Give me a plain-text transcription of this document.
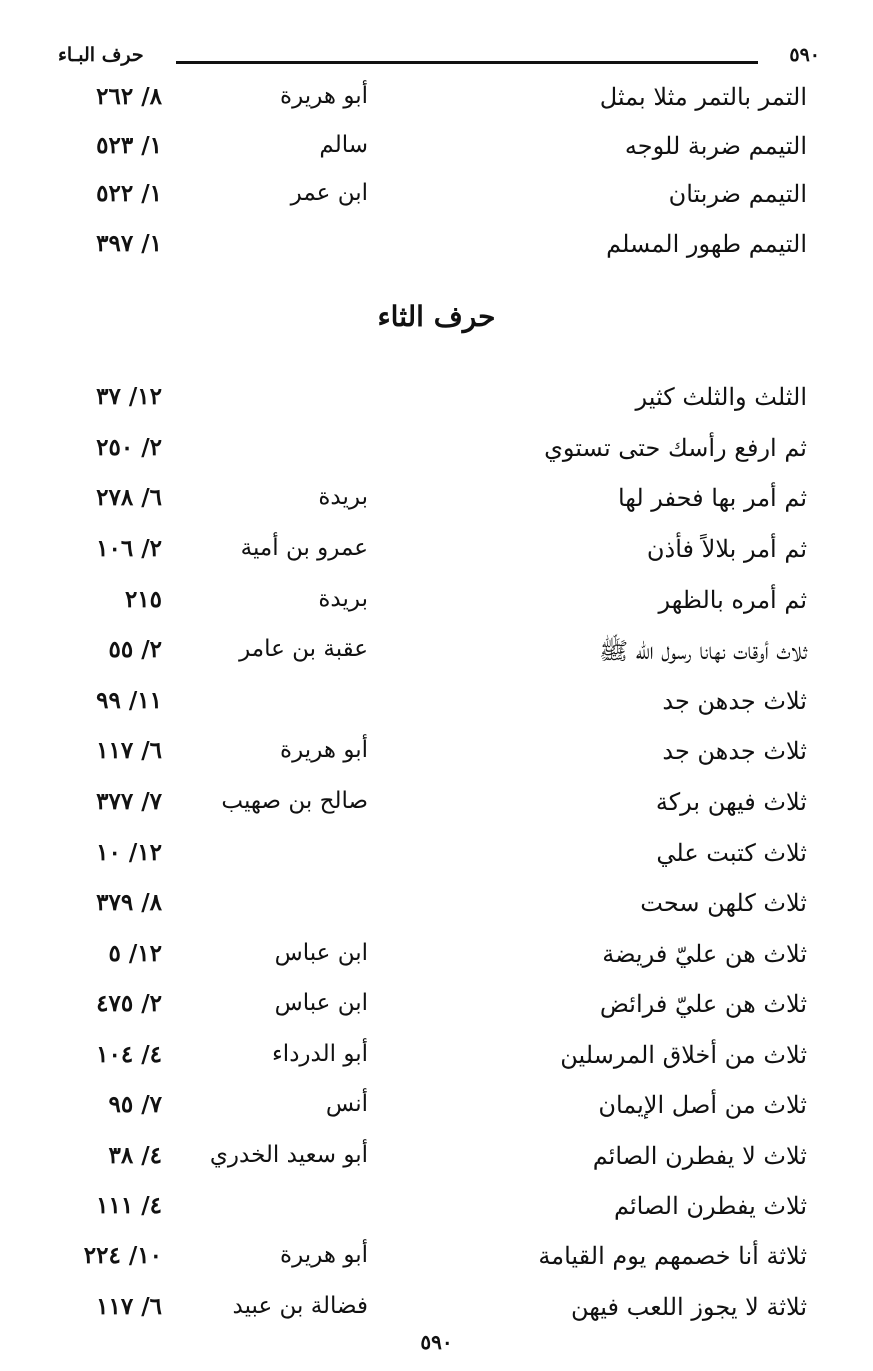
حرف البـاء	٥٩٠
التمر بالتمر مثلا بمثل
أبو هريرة
٨/ ٢٦٢
التيمم ضربة للوجه
سالم
١/ ٥٢٣
التيمم ضربتان
ابن عمر
١/ ٥٢٢
التيمم طهور المسلم
١/ ٣٩٧
حرف الثاء
الثلث والثلث كثير
١٢/ ٣٧
ثم ارفع رأسك حتى تستوي
٢/ ٢٥٠
ثم أمر بها فحفر لها
بريدة
٦/ ٢٧٨
ثم أمر بلالاً فأذن
عمرو بن أمية
٢/ ١٠٦
ثم أمره بالظهر
بريدة
٢١٥
ثلاث أوقات نهانا رسول الله ﷺ
عقبة بن عامر
٢/ ٥٥
ثلاث جدهن جد
١١/ ٩٩
ثلاث جدهن جد
أبو هريرة
٦/ ١١٧
ثلاث فيهن بركة
صالح بن صهيب
٧/ ٣٧٧
ثلاث كتبت علي
١٢/ ١٠
ثلاث كلهن سحت
٨/ ٣٧٩
ثلاث هن عليّ فريضة
ابن عباس
١٢/ ٥
ثلاث هن عليّ فرائض
ابن عباس
٢/ ٤٧٥
ثلاث من أخلاق المرسلين
أبو الدرداء
٤/ ١٠٤
ثلاث من أصل الإيمان
أنس
٧/ ٩٥
ثلاث لا يفطرن الصائم
أبو سعيد الخدري
٤/ ٣٨
ثلاث يفطرن الصائم
٤/ ١١١
ثلاثة أنا خصمهم يوم القيامة
أبو هريرة
١٠/ ٢٢٤
ثلاثة لا يجوز اللعب فيهن
فضالة بن عبيد
٦/ ١١٧
٥٩٠
